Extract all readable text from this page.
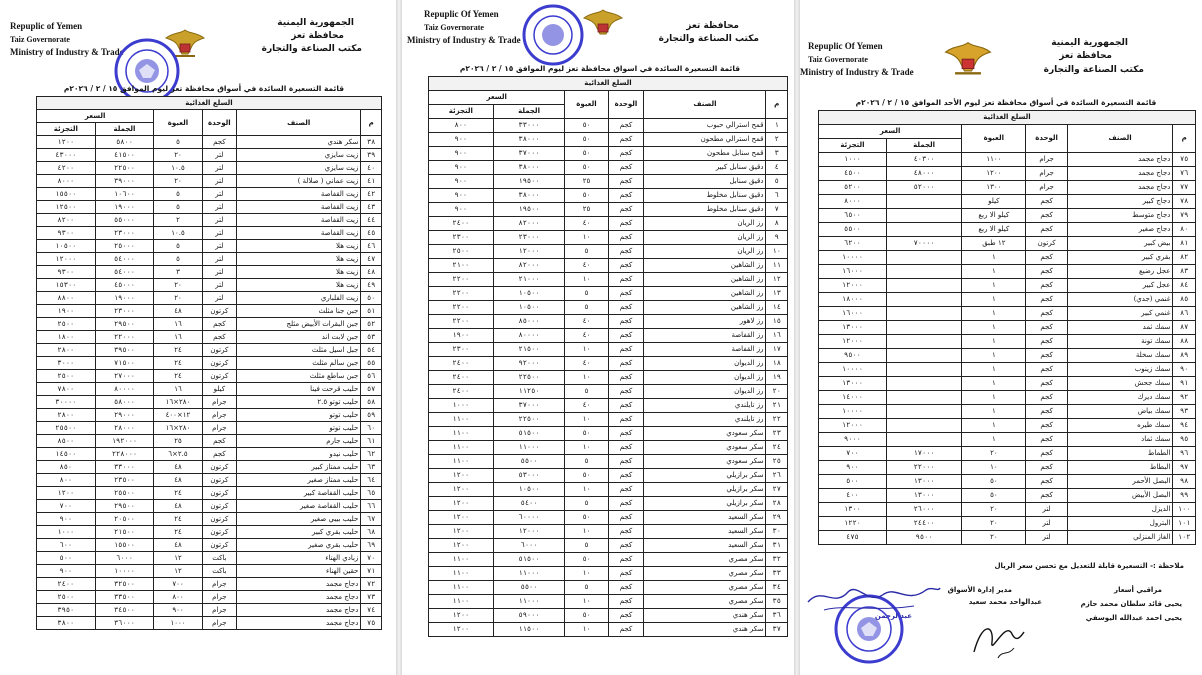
Repuplic of Yemen
Taiz Governorate
Ministry of Industry & Trade
الجمهورية اليمنية
محافظة تعز
مكتب الصناعة والتجارة
قائمة التسعيرة السائدة في أسواق محافظة تعز ليوم الموافق ١٥ / ٢ / ٢٠٢٦م
السلع الغذائية					
م	الصنف	الوحدة	العبوة	السعر	
				الجملة	التجزئة
٣٨	سكر هندي	كجم	٥	٥٨٠٠	١٢٠٠
٣٩	زيت سايزي	لتر	٢٠	٤١٥٠٠	٤٣٠٠٠
٤٠	زيت سايزي	لتر	١٠.٥	٢٢٥٠٠	٤٢٠٠
٤١	زيت عماني ( صلالة )	لتر	٢٠	٣٩٠٠٠	٨٠٠٠
٤٢	زيت القفاصة	لتر	٥	١٠٦٠٠	١٥٥٠٠
٤٣	زيت القفاصة	لتر	٥	١٩٠٠٠	١٢٥٠٠
٤٤	زيت القفاصة	لتر	٢	٥٥٠٠٠	٨٢٠٠
٤٥	زيت القفاصة	لتر	١٠.٥	٢٣٠٠٠	٩٣٠٠
٤٦	زيت هلا	لتر	٥	٢٥٠٠٠	١٠٥٠٠
٤٧	زيت هلا	لتر	٥	٥٤٠٠٠	١٢٠٠٠
٤٨	زيت هلا	لتر	٣	٥٤٠٠٠	٩٣٠٠
٤٩	زيت هلا	لتر	٢٠	٤٥٠٠٠	١٥٣٠٠
٥٠	زيت الفلباري	لتر	٢٠	١٩٠٠٠	٨٨٠٠
٥١	جبن جنا مثلث	كرتون	٤٨	٢٣٠٠٠	١٩٠٠
٥٢	جبن البقرات الأبيض مثلج	كجم	١٦	٢٩٥٠٠	٢٥٠٠
٥٣	جبن لابت اند	كجم	١٦	٢٢٠٠٠	١٨٠٠
٥٤	جبل اسيل مثلث	كرتون	٢٤	٣٩٥٠٠	٢٨٠٠
٥٥	جبن سالم مثلث	كرتون	٢٤	٧١٥٠٠	٣٠٠٠
٥٦	جبن ساطع مثلث	كرتون	٢٤	٢٧٠٠٠	٢٥٠٠
٥٧	حليب قرحت فينا	كيلو	١٦	٨٠٠٠٠	٧٨٠٠
٥٨	حليب توتو ٢.٥	جرام	٢٨٠×١٦	٥٨٠٠٠	٣٠٠٠٠
٥٩	حليب توتو	جرام	١٢×٤٠٠	٢٩٠٠٠	٢٨٠٠
٦٠	حليب توتو	جرام	٢٨٠×١٦	٢٨٠٠٠	٢٥٥٠٠
٦١	حليب جارم	كجم	٢٥	١٩٢٠٠٠	٨٥٠٠
٦٢	حليب نيدو	كجم	٢.٥×٦	٢٢٨٠٠٠	١٤٥٠٠
٦٣	حليب ممتاز كبير	كرتون	٤٨	٣٣٠٠٠	٨٥٠
٦٤	حليب ممتاز صغير	كرتون	٤٨	٢٣٥٠٠	٨٠٠
٦٥	حليب القفاصة كبير	كرتون	٢٤	٢٥٥٠٠	١٢٠٠
٦٦	حليب القفاصة صغير	كرتون	٤٨	٢٩٥٠٠	٧٠٠
٦٧	حليب بيبي صغير	كرتون	٢٤	٢٠٥٠٠	٩٠٠
٦٨	حليب بقري كبير	كرتون	٢٤	٢١٥٠٠	١٠٠٠
٦٩	حليب بقري صغير	كرتون	٤٨	١٥٥٠٠	٦٠٠
٧٠	زبادي الهناء	باكت	١٢	٦٠٠٠	٥٠٠
٧١	حقين الهناء	باكت	١٢	١٠٠٠٠	٩٠٠
٧٢	دجاج مجمد	جرام	٧٠٠	٣٢٥٠٠	٢٤٠٠
٧٣	دجاج مجمد	جرام	٨٠٠	٣٣٥٠٠	٢٥٠٠
٧٤	دجاج مجمد	جرام	٩٠٠	٣٤٥٠٠	٣٩٥٠
٧٥	دجاج مجمد	جرام	١٠٠٠	٣٦٠٠٠	٣٨٠٠
Repuplic Of Yemen
Taiz Governorate
Ministry of Industry & Trade
محافظة تعز
مكتب الصناعة والتجارة
قائمة التسعيرة السائدة في اسواق محافظة تعز ليوم الموافق ١٥ / ٢ / ٢٠٢٦م
السلع الغذائية					
م	الصنف	الوحدة	العبوة	السعر	
				الجملة	التجزئة
١	قمح استرالي حبوب	كجم	٥٠	٣٣٠٠٠	٨٠٠
٢	قمح استرالي مطحون	كجم	٥٠	٣٨٠٠٠	٩٠٠
٣	قمح سنابل مطحون	كجم	٥٠	٣٧٠٠٠	٩٠٠
٤	دقيق سنابل كبير	كجم	٥٠	٣٨٠٠٠	٩٠٠
٥	دقيق سنابل	كجم	٢٥	١٩٥٠٠	٩٠٠
٦	دقيق سنابل مخلوط	كجم	٥٠	٣٨٠٠٠	٩٠٠
٧	دقيق سنابل مخلوط	كجم	٢٥	١٩٥٠٠	٩٠٠
٨	رز الريان	كجم	٤٠	٨٢٠٠٠	٢٤٠٠
٩	رز الريان	كجم	١٠	٢٣٠٠٠	٢٣٠٠
١٠	رز الريان	كجم	٥	١٢٠٠٠	٢٥٠٠
١١	رز الشاهين	كجم	٤٠	٨٢٠٠٠	٢١٠٠
١٢	رز الشاهين	كجم	١٠	٢١٠٠٠	٢٢٠٠
١٣	رز الشاهين	كجم	٥	١٠٥٠٠	٢٢٠٠
١٤	رز الشاهين	كجم	٥	١٠٥٠٠	٢٢٠٠
١٥	رز لاهور	كجم	٤٠	٨٥٠٠٠	٢٢٠٠
١٦	رز القفاصة	كجم	٤٠	٨٠٠٠٠	١٩٠٠
١٧	رز القفاصة	كجم	١٠	٢١٥٠٠	٢٣٠٠
١٨	رز الديوان	كجم	٤٠	٩٢٠٠٠	٢٤٠٠
١٩	رز الديوان	كجم	١٠	٢٢٥٠٠	٢٤٠٠
٢٠	رز الديوان	كجم	٥	١١٢٥٠	٢٤٠٠
٢١	رز تايلندي	كجم	٤٠	٣٧٠٠٠	١٠٠٠
٢٢	رز تايلندي	كجم	١٠	٢٢٥٠٠	١١٠٠
٢٣	سكر سعودي	كجم	٥٠	٥١٥٠٠	١١٠٠
٢٤	سكر سعودي	كجم	١٠	١١٠٠٠	١١٠٠
٢٥	سكر سعودي	كجم	٥	٥٥٠٠	١١٠٠
٢٦	سكر برازيلي	كجم	٥٠	٥٣٠٠٠	١٢٠٠
٢٧	سكر برازيلي	كجم	١٠	١٠٥٠٠	١٢٠٠
٢٨	سكر برازيلي	كجم	٥	٥٤٠٠	١٢٠٠
٢٩	سكر السعيد	كجم	٥٠	٦٠٠٠٠	١٢٠٠
٣٠	سكر السعيد	كجم	١٠	١٢٠٠٠	١٢٠٠
٣١	سكر السعيد	كجم	٥	٦٠٠٠	١٢٠٠
٣٢	سكر مصري	كجم	٥٠	٥١٥٠٠	١١٠٠
٣٣	سكر مصري	كجم	١٠	١١٠٠٠	١١٠٠
٣٤	سكر مصري	كجم	٥	٥٥٠٠	١١٠٠
٣٥	سكر مصري	كجم	١٠	١١٠٠٠	١١٠٠
٣٦	سكر هندي	كجم	٥٠	٥٩٠٠٠	١٢٠٠
٣٧	سكر هندي	كجم	١٠	١١٥٠٠	١٢٠٠
Repuplic Of Yemen
Taiz Governorate
Ministry of Industry & Trade
الجمهورية اليمنية
محافظة تعز
مكتب الصناعة والتجارة
قائمة التسعيرة السائدة في أسواق محافظة تعز ليوم الأحد الموافق ١٥ / ٢ / ٢٠٢٦م
السلع الغذائية					
م	الصنف	الوحدة	العبوة	السعر	
				الجملة	التجزئة
٧٥	دجاج مجمد	جرام	١١٠٠	٤٠٣٠٠	١٠٠٠
٧٦	دجاج مجمد	جرام	١٢٠٠	٤٨٠٠٠	٤٥٠٠
٧٧	دجاج مجمد	جرام	١٣٠٠	٥٢٠٠٠	٥٢٠٠
٧٨	دجاج كبير	كجم	كيلو		٨٠٠٠
٧٩	دجاج متوسط	كجم	كيلو الا ربع		٦٥٠٠
٨٠	دجاج صغير	كجم	كيلو الا ربع		٥٥٠٠
٨١	بيض كبير	كرتون	١٢ طبق	٧٠٠٠٠	٦٢٠٠
٨٢	بقري كبير	كجم	١		١٠٠٠٠
٨٣	عجل رضيع	كجم	١		١٦٠٠٠
٨٤	عجل كبير	كجم	١		١٢٠٠٠
٨٥	غنمي (جدي)	كجم	١		١٨٠٠٠
٨٦	غنمي كبير	كجم	١		١٦٠٠٠
٨٧	سمك ثمد	كجم	١		١٣٠٠٠
٨٨	سمك تونة	كجم	١		١٢٠٠٠
٨٩	سمك سخلة	كجم	١		٩٥٠٠
٩٠	سمك زينوب	كجم	١		١٠٠٠٠
٩١	سمك جحش	كجم	١		١٣٠٠٠
٩٢	سمك ديرك	كجم	١		١٤٠٠٠
٩٣	سمك بياض	كجم	١		١٠٠٠٠
٩٤	سمك طيره	كجم	١		١٢٠٠٠
٩٥	سمك ثماد	كجم	١		٩٠٠٠
٩٦	الطماط	كجم	٢٠	١٧٠٠٠	٧٠٠
٩٧	البطاط	كجم	١٠	٢٢٠٠٠	٩٠٠
٩٨	البصل الأحمر	كجم	٥٠	١٣٠٠٠	٥٠٠
٩٩	البصل الأبيض	كجم	٥٠	١٣٠٠٠	٤٠٠
١٠٠	الديزل	لتر	٢٠	٢٦٠٠٠	١٣٠٠
١٠١	البترول	لتر	٢٠	٢٤٤٠٠	١٢٢٠
١٠٢	الغاز المنزلي	لتر	٢٠	٩٥٠٠	٤٧٥
ملاحظة :- التسعيرة قابلة للتعديل مع تحسن سعر الريال
مدير إدارة الأسواق
عبدالواحد محمد سعيد
مراقبي أسعار
يحيى قائد سلطان محمد حازم
يحيى احمد عبدالله اليوسفي
عبدالرحمن
